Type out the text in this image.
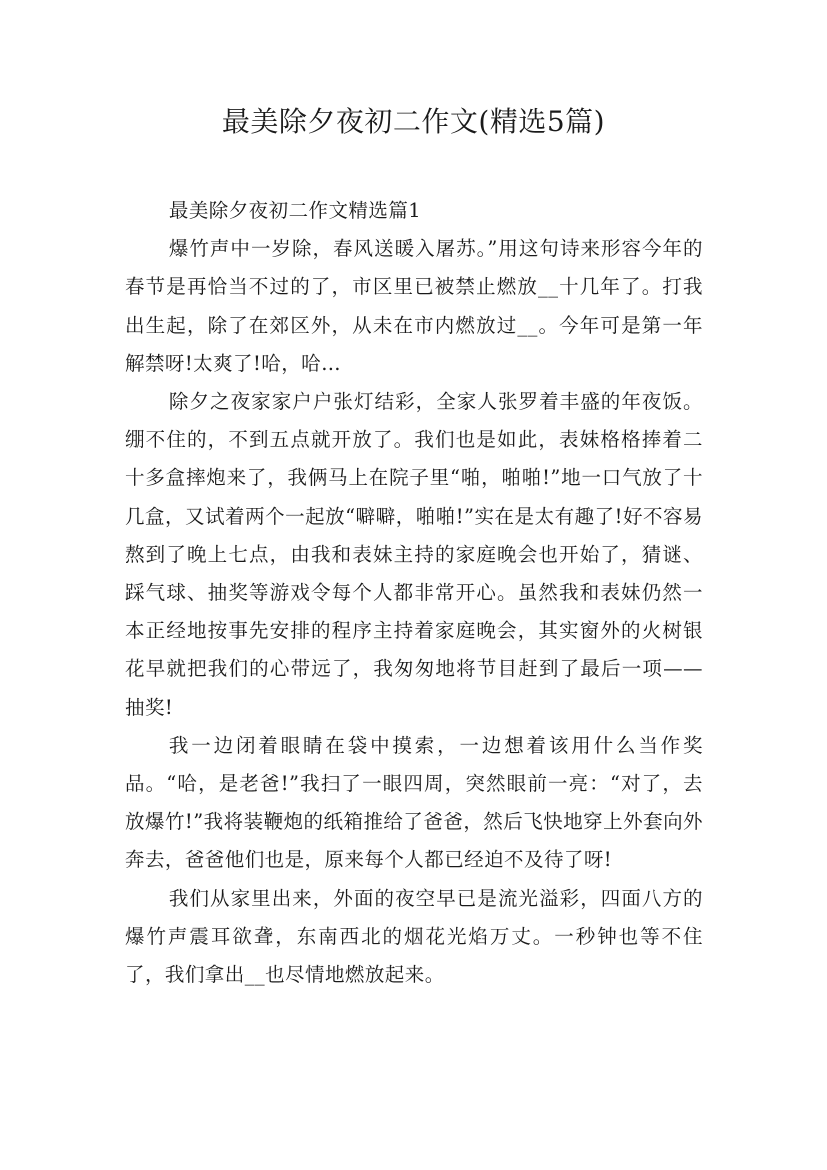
最美除夕夜初二作文(精选5篇)

最美除夕夜初二作文精选篇1

爆竹声中一岁除，春风送暖入屠苏。”用这句诗来形容今年的春节是再恰当不过的了，市区里已被禁止燃放__十几年了。打我出生起，除了在郊区外，从未在市内燃放过__。今年可是第一年解禁呀!太爽了!哈，哈…

除夕之夜家家户户张灯结彩，全家人张罗着丰盛的年夜饭。绷不住的，不到五点就开放了。我们也是如此，表妹格格捧着二十多盒摔炮来了，我俩马上在院子里“啪，啪啪!”地一口气放了十几盒，又试着两个一起放“噼噼，啪啪!”实在是太有趣了!好不容易熬到了晚上七点，由我和表妹主持的家庭晚会也开始了，猜谜、踩气球、抽奖等游戏令每个人都非常开心。虽然我和表妹仍然一本正经地按事先安排的程序主持着家庭晚会，其实窗外的火树银花早就把我们的心带远了，我匆匆地将节目赶到了最后一项——抽奖!

我一边闭着眼睛在袋中摸索，一边想着该用什么当作奖品。“哈，是老爸!”我扫了一眼四周，突然眼前一亮：“对了，去放爆竹!”我将装鞭炮的纸箱推给了爸爸，然后飞快地穿上外套向外奔去，爸爸他们也是，原来每个人都已经迫不及待了呀!

我们从家里出来，外面的夜空早已是流光溢彩，四面八方的爆竹声震耳欲聋，东南西北的烟花光焰万丈。一秒钟也等不住了，我们拿出__也尽情地燃放起来。
